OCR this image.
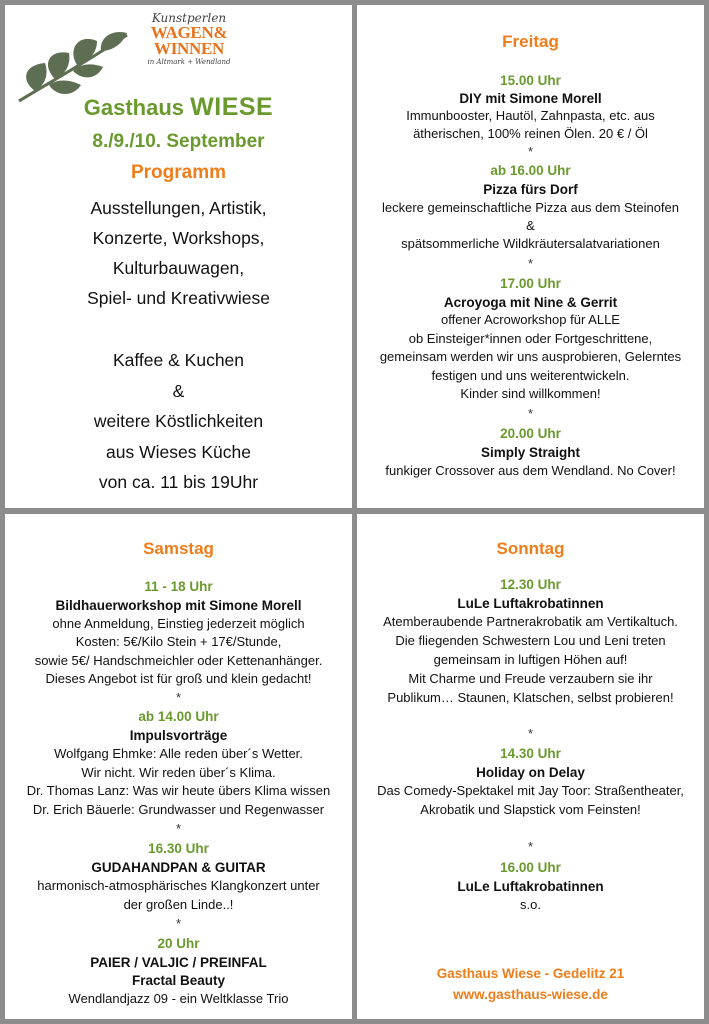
Kunstperlen
WAGEN&
WINNEN
in Altmark + Wendland
Gasthaus WIESE
8./9./10. September
Programm
Ausstellungen, Artistik,
Konzerte, Workshops,
Kulturbauwagen,
Spiel- und Kreativwiese
Kaffee & Kuchen
&
weitere Köstlichkeiten
aus Wieses Küche
von ca. 11 bis 19Uhr
Freitag
15.00 Uhr
DIY mit Simone Morell
Immunbooster, Hautöl, Zahnpasta, etc. aus
ätherischen, 100% reinen Ölen. 20 € / Öl
*
ab 16.00 Uhr
Pizza fürs Dorf
leckere gemeinschaftliche Pizza aus dem Steinofen
&
spätsommerliche Wildkräutersalatvariationen
*
17.00 Uhr
Acroyoga mit Nine & Gerrit
offener Acroworkshop für ALLE
ob Einsteiger*innen oder Fortgeschrittene,
gemeinsam werden wir uns ausprobieren, Gelerntes
festigen und uns weiterentwickeln.
Kinder sind willkommen!
*
20.00 Uhr
Simply Straight
funkiger Crossover aus dem Wendland. No Cover!
Samstag
11 - 18 Uhr
Bildhauerworkshop mit Simone Morell
ohne Anmeldung, Einstieg jederzeit möglich
Kosten: 5€/Kilo Stein + 17€/Stunde,
sowie 5€/ Handschmeichler oder Kettenanhänger.
Dieses Angebot ist für groß und klein gedacht!
*
ab 14.00 Uhr
Impulsvorträge
Wolfgang Ehmke: Alle reden über´s Wetter.
Wir nicht. Wir reden über´s Klima.
Dr. Thomas Lanz: Was wir heute übers Klima wissen
Dr. Erich Bäuerle: Grundwasser und Regenwasser
*
16.30 Uhr
GUDAHANDPAN & GUITAR
harmonisch-atmosphärisches Klangkonzert unter
der großen Linde..!
*
20 Uhr
PAIER / VALJIC / PREINFAL
Fractal Beauty
Wendlandjazz 09 - ein Weltklasse Trio
Sonntag
12.30 Uhr
LuLe Luftakrobatinnen
Atemberaubende Partnerakrobatik am Vertikaltuch.
Die fliegenden Schwestern Lou und Leni treten
gemeinsam in luftigen Höhen auf!
Mit Charme und Freude verzaubern sie ihr
Publikum… Staunen, Klatschen, selbst probieren!
*
14.30 Uhr
Holiday on Delay
Das Comedy-Spektakel mit Jay Toor: Straßentheater,
Akrobatik und Slapstick vom Feinsten!
*
16.00 Uhr
LuLe Luftakrobatinnen
s.o.
Gasthaus Wiese - Gedelitz 21
www.gasthaus-wiese.de
